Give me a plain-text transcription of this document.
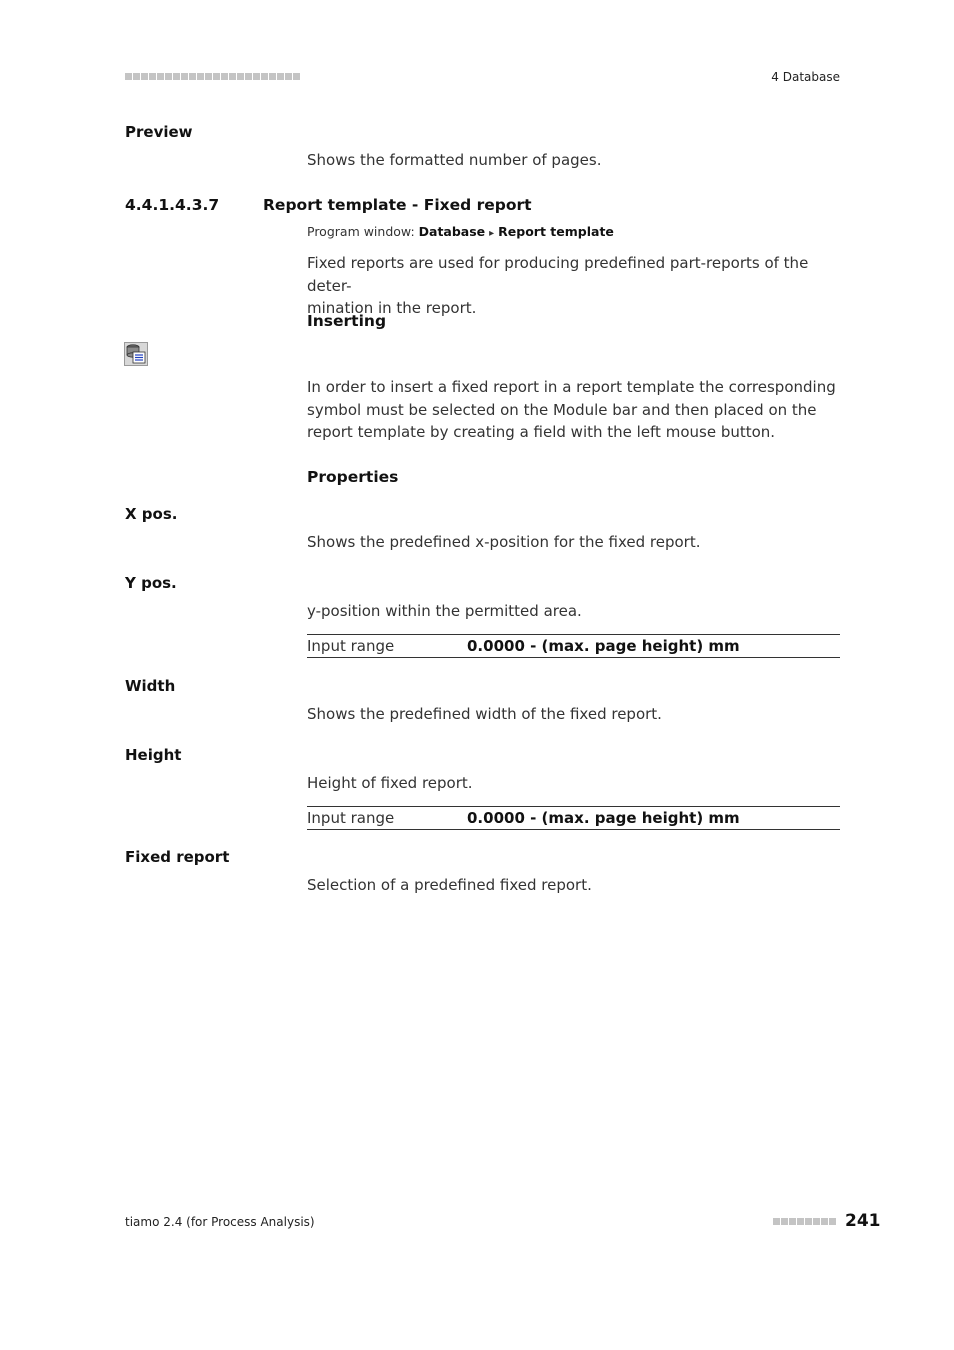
4 Database
Preview
Shows the formatted number of pages.
4.4.1.4.3.7	Report template - Fixed report
Program window: Database ▸ Report template
Fixed reports are used for producing predefined part-reports of the deter-
mination in the report.
Inserting
In order to insert a fixed report in a report template the corresponding
symbol must be selected on the Module bar and then placed on the
report template by creating a field with the left mouse button.
Properties
X pos.
Shows the predefined x-position for the fixed report.
Y pos.
y-position within the permitted area.
Input range	0.0000 - (max. page height) mm
Width
Shows the predefined width of the fixed report.
Height
Height of fixed report.
Input range	0.0000 - (max. page height) mm
Fixed report
Selection of a predefined fixed report.
tiamo 2.4 (for Process Analysis)	241
